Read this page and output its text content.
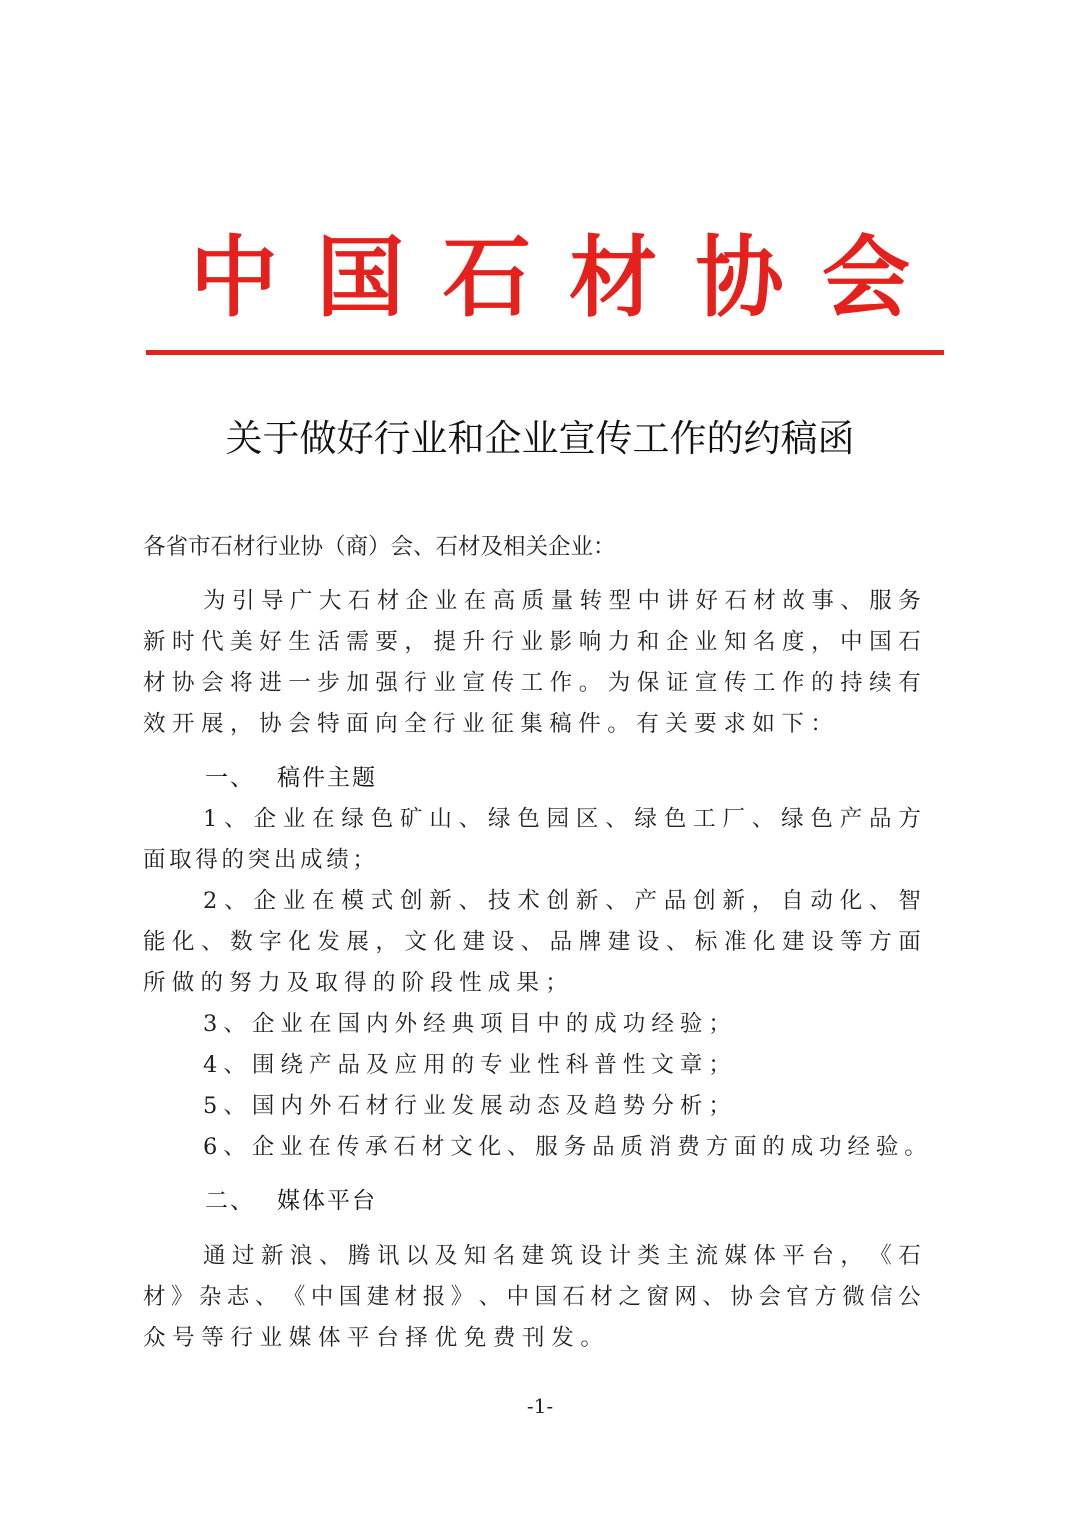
中 国 石 材 协 会
关于做好行业和企业宣传工作的约稿函
各省市石材行业协（商）会、石材及相关企业：
为 引 导 广 大 石 材 企 业 在 高 质 量 转 型 中 讲 好 石 材 故 事 、 服 务
新 时 代 美 好 生 活 需 要 ， 提 升 行 业 影 响 力 和 企 业 知 名 度 ， 中 国 石
材 协 会 将 进 一 步 加 强 行 业 宣 传 工 作 。 为 保 证 宣 传 工 作 的 持 续 有
效 开 展 ， 协 会 特 面 向 全 行 业 征 集 稿 件 。 有 关 要 求 如 下 ：
一、 稿件主题
1 、 企 业 在 绿 色 矿 山 、 绿 色 园 区 、 绿 色 工 厂 、 绿 色 产 品 方
面 取 得 的 突 出 成 绩 ；
2 、 企 业 在 模 式 创 新 、 技 术 创 新 、 产 品 创 新 ， 自 动 化 、 智
能 化 、 数 字 化 发 展 ， 文 化 建 设 、 品 牌 建 设 、 标 准 化 建 设 等 方 面
所 做 的 努 力 及 取 得 的 阶 段 性 成 果 ；
3 、 企 业 在 国 内 外 经 典 项 目 中 的 成 功 经 验 ；
4 、 围 绕 产 品 及 应 用 的 专 业 性 科 普 性 文 章 ；
5 、 国 内 外 石 材 行 业 发 展 动 态 及 趋 势 分 析 ；
6 、 企 业 在 传 承 石 材 文 化 、 服 务 品 质 消 费 方 面 的 成 功 经 验 。
二、 媒体平台
通 过 新 浪 、 腾 讯 以 及 知 名 建 筑 设 计 类 主 流 媒 体 平 台 ， 《 石
材 》 杂 志 、 《 中 国 建 材 报 》 、 中 国 石 材 之 窗 网 、 协 会 官 方 微 信 公
众 号 等 行 业 媒 体 平 台 择 优 免 费 刊 发 。
-1-
